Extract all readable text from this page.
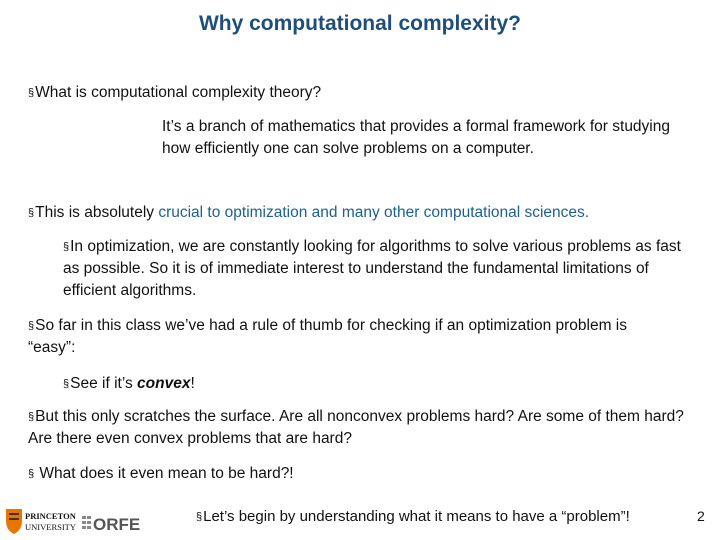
Why computational complexity?
§What is computational complexity theory?
It’s a branch of mathematics that provides a formal framework for studying how efficiently one can solve problems on a computer.
§This is absolutely crucial to optimization and many other computational sciences.
§In optimization, we are constantly looking for algorithms to solve various problems as fast as possible. So it is of immediate interest to understand the fundamental limitations of efficient algorithms.
§So far in this class we’ve had a rule of thumb for checking if an optimization problem is “easy”:
§See if it’s convex!
§But this only scratches the surface. Are all nonconvex problems hard? Are some of them hard? Are there even convex problems that are hard?
§ What does it even mean to be hard?!
PRINCETON
UNIVERSITY ORFE	§Let’s begin by understanding what it means to have a “problem”!	2
